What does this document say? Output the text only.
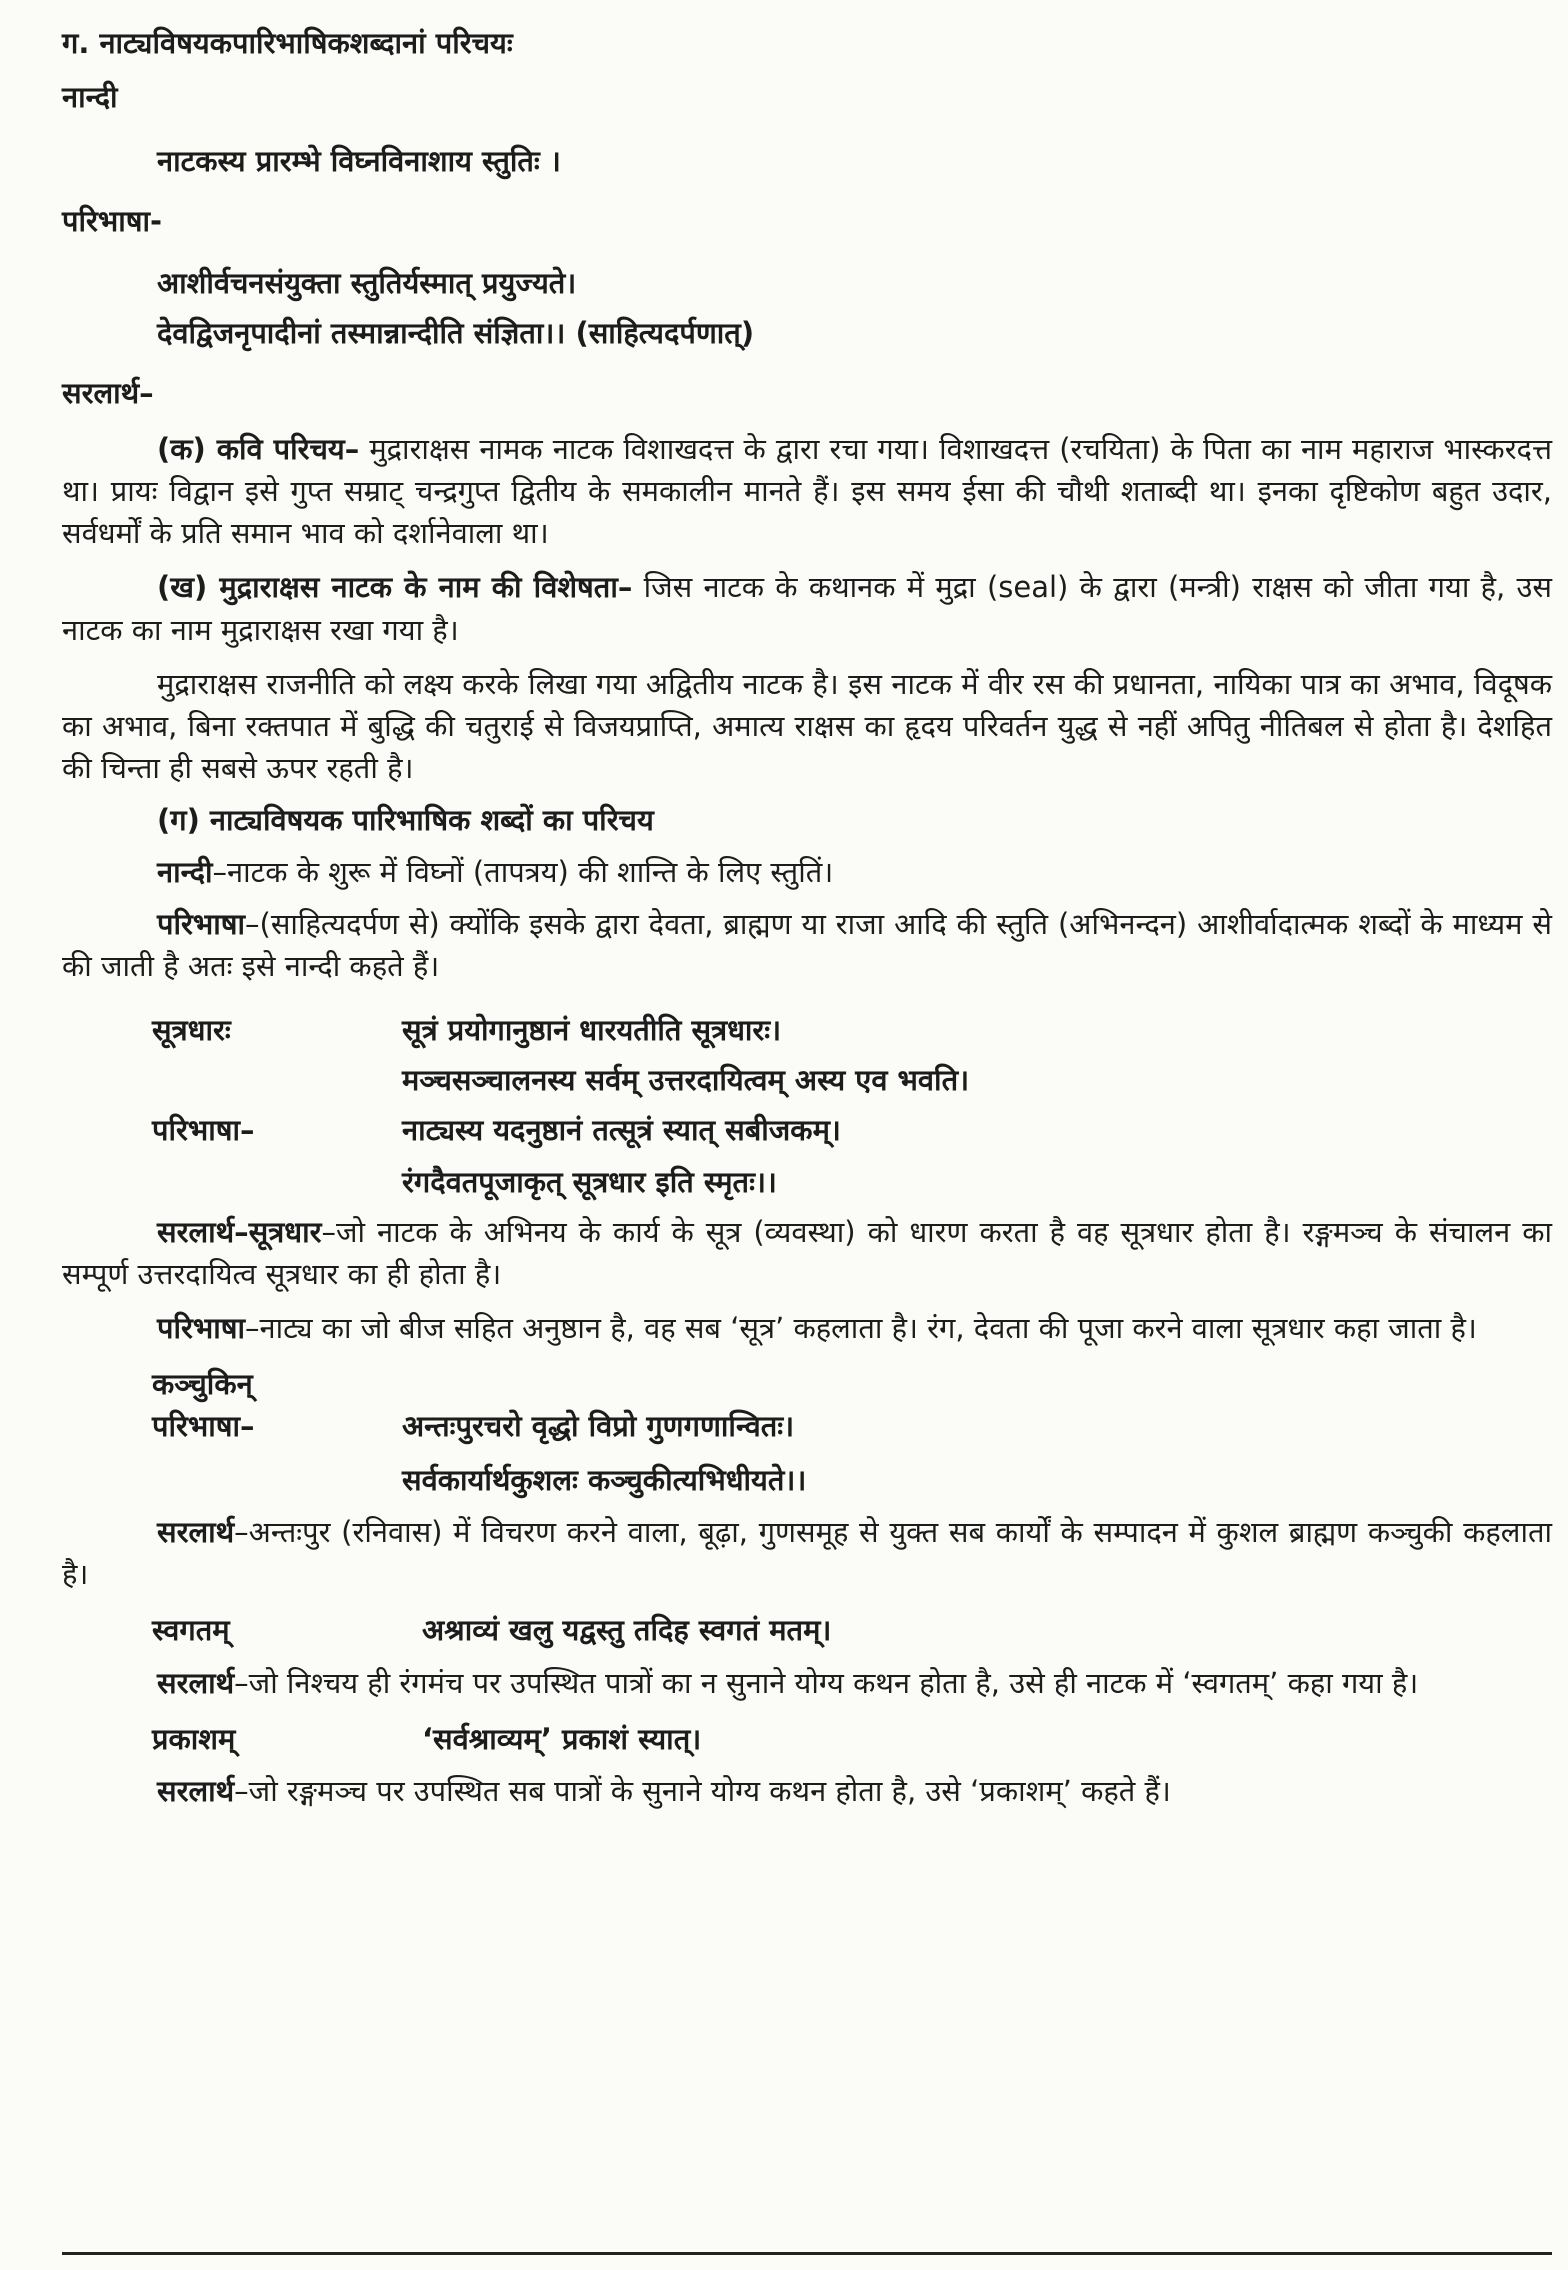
ग. नाट्यविषयकपारिभाषिकशब्दानां परिचयः

नान्दी

नाटकस्य प्रारम्भे विघ्नविनाशाय स्तुतिः ।

परिभाषा-

आशीर्वचनसंयुक्ता स्तुतिर्यस्मात् प्रयुज्यते।

देवद्विजनृपादीनां तस्मान्नान्दीति संज्ञिता।। (साहित्यदर्पणात्)

सरलार्थ–

(क) कवि परिचय– मुद्राराक्षस नामक नाटक विशाखदत्त के द्वारा रचा गया। विशाखदत्त (रचयिता) के पिता का नाम महाराज भास्करदत्त था। प्रायः विद्वान इसे गुप्त सम्राट् चन्द्रगुप्त द्वितीय के समकालीन मानते हैं। इस समय ईसा की चौथी शताब्दी था। इनका दृष्टिकोण बहुत उदार, सर्वधर्मों के प्रति समान भाव को दर्शानेवाला था।

(ख) मुद्राराक्षस नाटक के नाम की विशेषता– जिस नाटक के कथानक में मुद्रा (seal) के द्वारा (मन्त्री) राक्षस को जीता गया है, उस नाटक का नाम मुद्राराक्षस रखा गया है।

मुद्राराक्षस राजनीति को लक्ष्य करके लिखा गया अद्वितीय नाटक है। इस नाटक में वीर रस की प्रधानता, नायिका पात्र का अभाव, विदूषक का अभाव, बिना रक्तपात में बुद्धि की चतुराई से विजयप्राप्ति, अमात्य राक्षस का हृदय परिवर्तन युद्ध से नहीं अपितु नीतिबल से होता है। देशहित की चिन्ता ही सबसे ऊपर रहती है।

(ग) नाट्यविषयक पारिभाषिक शब्दों का परिचय

नान्दी–नाटक के शुरू में विघ्नों (तापत्रय) की शान्ति के लिए स्तुतिं।

परिभाषा–(साहित्यदर्पण से) क्योंकि इसके द्वारा देवता, ब्राह्मण या राजा आदि की स्तुति (अभिनन्दन) आशीर्वादात्मक शब्दों के माध्यम से की जाती है अतः इसे नान्दी कहते हैं।

सूत्रधारः	सूत्रं प्रयोगानुष्ठानं धारयतीति सूत्रधारः।
मञ्चसञ्चालनस्य सर्वम् उत्तरदायित्वम् अस्य एव भवति।
परिभाषा–	नाट्यस्य यदनुष्ठानं तत्सूत्रं स्यात् सबीजकम्।
रंगदैवतपूजाकृत् सूत्रधार इति स्मृतः।।

सरलार्थ–सूत्रधार–जो नाटक के अभिनय के कार्य के सूत्र (व्यवस्था) को धारण करता है वह सूत्रधार होता है। रङ्गमञ्च के संचालन का सम्पूर्ण उत्तरदायित्व सूत्रधार का ही होता है।

परिभाषा–नाट्य का जो बीज सहित अनुष्ठान है, वह सब ‘सूत्र’ कहलाता है। रंग, देवता की पूजा करने वाला सूत्रधार कहा जाता है।

कञ्चुकिन्

परिभाषा–	अन्तःपुरचरो वृद्धो विप्रो गुणगणान्वितः।
सर्वकार्यार्थकुशलः कञ्चुकीत्यभिधीयते।।

सरलार्थ–अन्तःपुर (रनिवास) में विचरण करने वाला, बूढ़ा, गुणसमूह से युक्त सब कार्यों के सम्पादन में कुशल ब्राह्मण कञ्चुकी कहलाता है।

स्वगतम्	अश्राव्यं खलु यद्वस्तु तदिह स्वगतं मतम्।

सरलार्थ–जो निश्चय ही रंगमंच पर उपस्थित पात्रों का न सुनाने योग्य कथन होता है, उसे ही नाटक में ‘स्वगतम्’ कहा गया है।

प्रकाशम्	‘सर्वश्राव्यम्’ प्रकाशं स्यात्।

सरलार्थ–जो रङ्गमञ्च पर उपस्थित सब पात्रों के सुनाने योग्य कथन होता है, उसे ‘प्रकाशम्’ कहते हैं।
